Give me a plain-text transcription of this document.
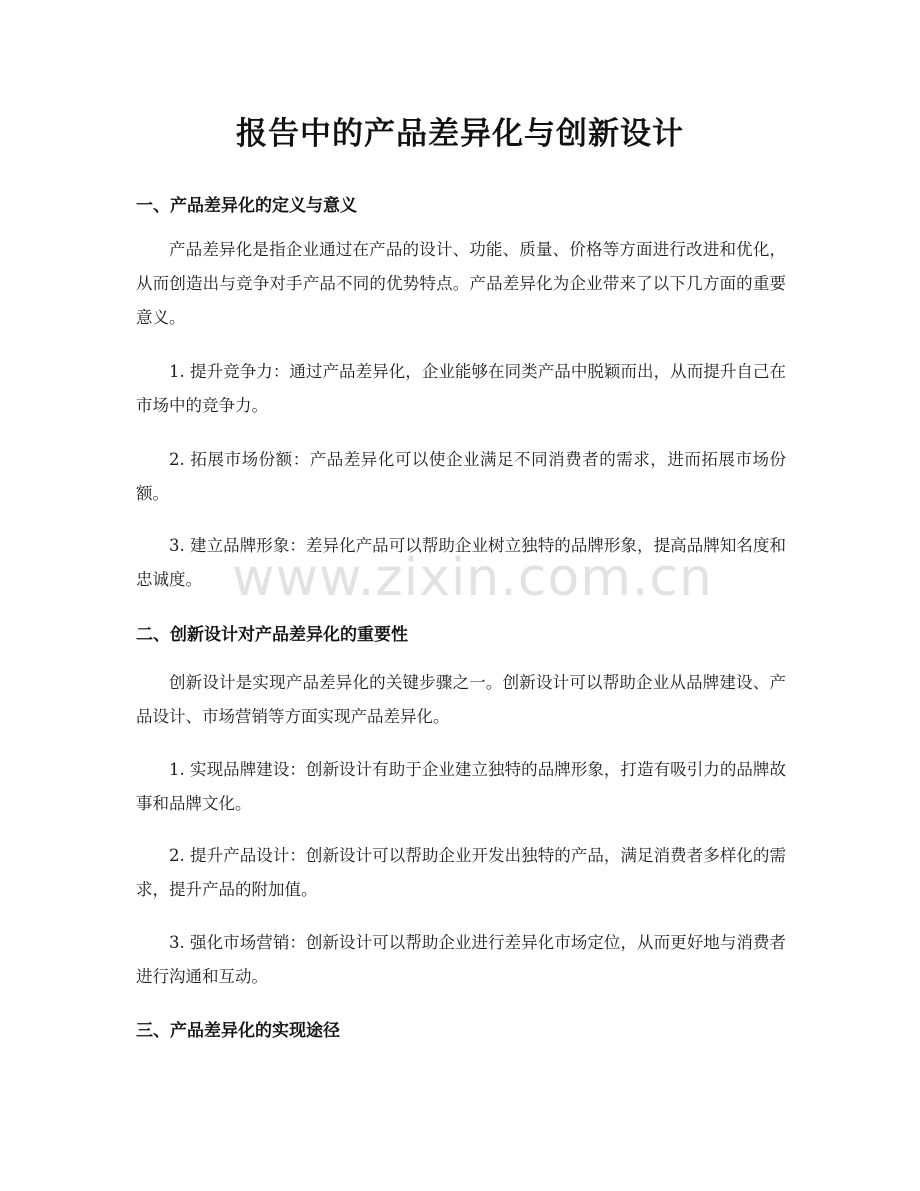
报告中的产品差异化与创新设计
一、产品差异化的定义与意义

产品差异化是指企业通过在产品的设计、功能、质量、价格等方面进行改进和优化，从而创造出与竞争对手产品不同的优势特点。产品差异化为企业带来了以下几方面的重要意义。

1. 提升竞争力：通过产品差异化，企业能够在同类产品中脱颖而出，从而提升自己在市场中的竞争力。

2. 拓展市场份额：产品差异化可以使企业满足不同消费者的需求，进而拓展市场份额。

3. 建立品牌形象：差异化产品可以帮助企业树立独特的品牌形象，提高品牌知名度和忠诚度。

二、创新设计对产品差异化的重要性

创新设计是实现产品差异化的关键步骤之一。创新设计可以帮助企业从品牌建设、产品设计、市场营销等方面实现产品差异化。

1. 实现品牌建设：创新设计有助于企业建立独特的品牌形象，打造有吸引力的品牌故事和品牌文化。

2. 提升产品设计：创新设计可以帮助企业开发出独特的产品，满足消费者多样化的需求，提升产品的附加值。

3. 强化市场营销：创新设计可以帮助企业进行差异化市场定位，从而更好地与消费者进行沟通和互动。

三、产品差异化的实现途径
www.zixin.com.cn
